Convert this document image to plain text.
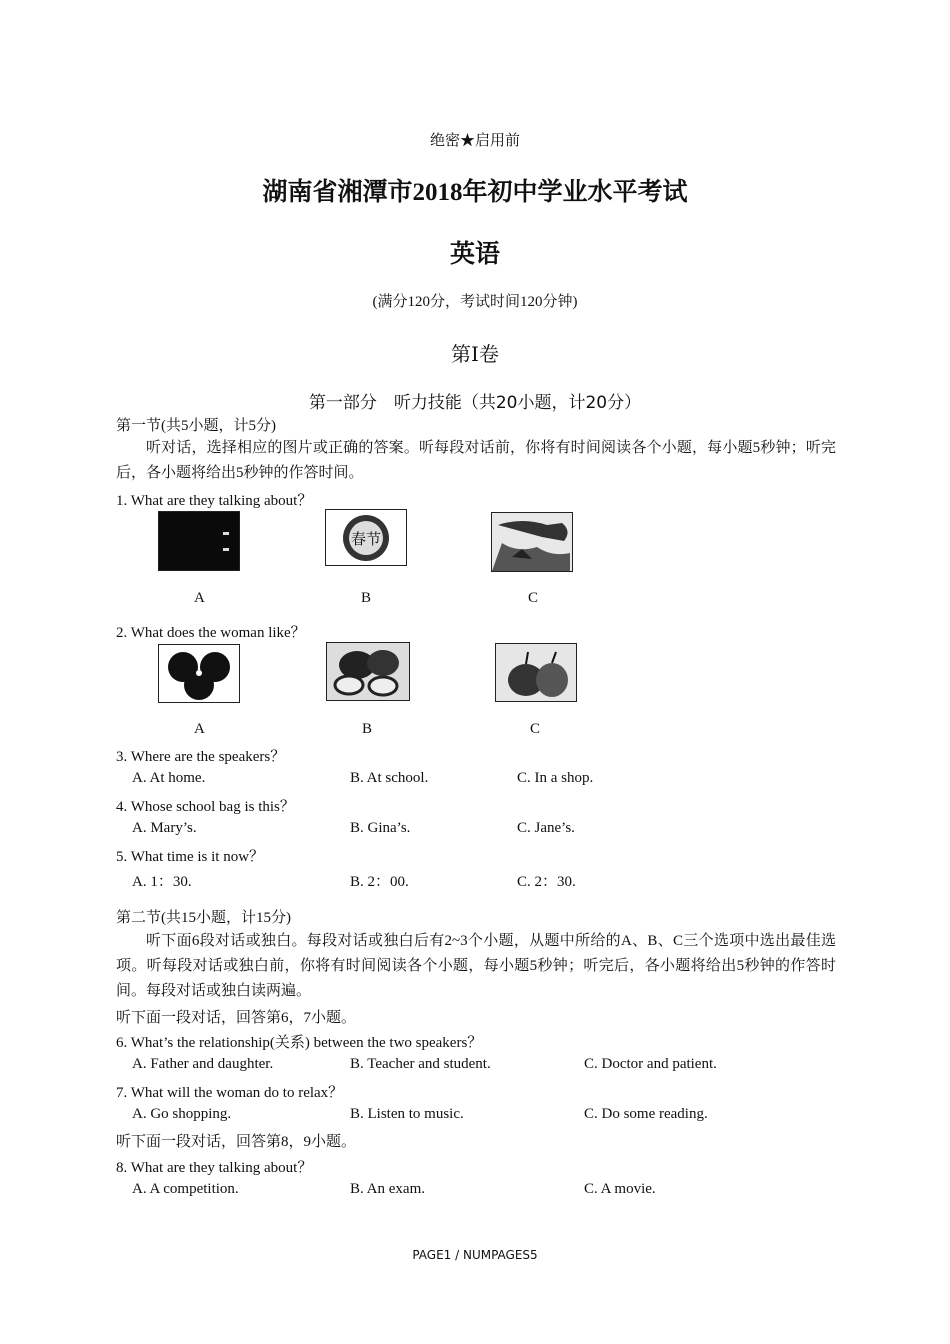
绝密★启用前
湖南省湘潭市2018年初中学业水平考试
英语
(满分120分，考试时间120分钟)
第Ⅰ卷
第一部分　听力技能（共20小题，计20分）
第一节(共5小题，计5分)
听对话，选择相应的图片或正确的答案。听每段对话前，你将有时间阅读各个小题，每小题5秒钟；听完后，各小题将给出5秒钟的作答时间。
1. What are they talking about？
春节
A	B	C
2. What does the woman like？
A	B	C
3. Where are the speakers？
A. At home.	B. At school.	C. In a shop.
4. Whose school bag is this？
A. Mary’s.	B. Gina’s.	C. Jane’s.
5. What time is it now？
A. 1：30.	B. 2：00.	C. 2：30.
第二节(共15小题，计15分)
听下面6段对话或独白。每段对话或独白后有2~3个小题，从题中所给的A、B、C三个选项中选出最佳选项。听每段对话或独白前，你将有时间阅读各个小题，每小题5秒钟；听完后，各小题将给出5秒钟的作答时间。每段对话或独白读两遍。
听下面一段对话，回答第6，7小题。
6. What’s the relationship(关系) between the two speakers？
A. Father and daughter.	B. Teacher and student.	C. Doctor and patient.
7. What will the woman do to relax？
A. Go shopping.	B. Listen to music.	C. Do some reading.
听下面一段对话，回答第8，9小题。
8. What are they talking about？
A. A competition.	B. An exam.	C. A movie.
PAGE1 / NUMPAGES5
